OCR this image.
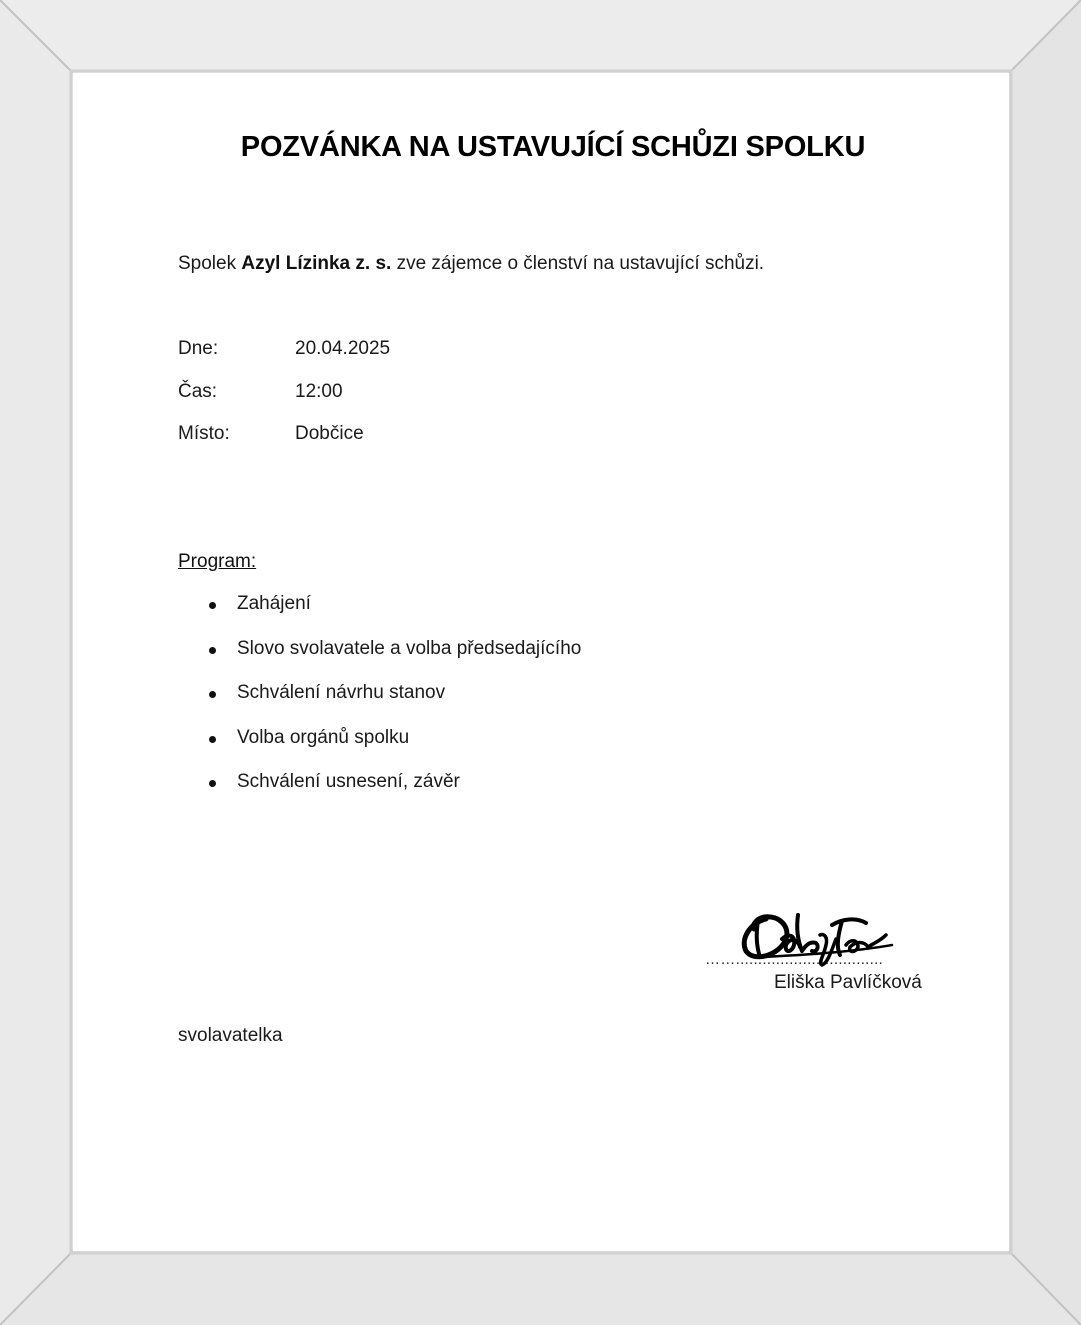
POZVÁNKA NA USTAVUJÍCÍ SCHŮZI SPOLKU
Spolek Azyl Lízinka z. s. zve zájemce o členství na ustavující schůzi.
Dne:	20.04.2025
Čas:	12:00
Místo:	Dobčice
Program:
Zahájení
Slovo svolavatele a volba předsedajícího
Schválení návrhu stanov
Volba orgánů spolku
Schválení usnesení, závěr
…….................................
Eliška Pavlíčková
svolavatelka
